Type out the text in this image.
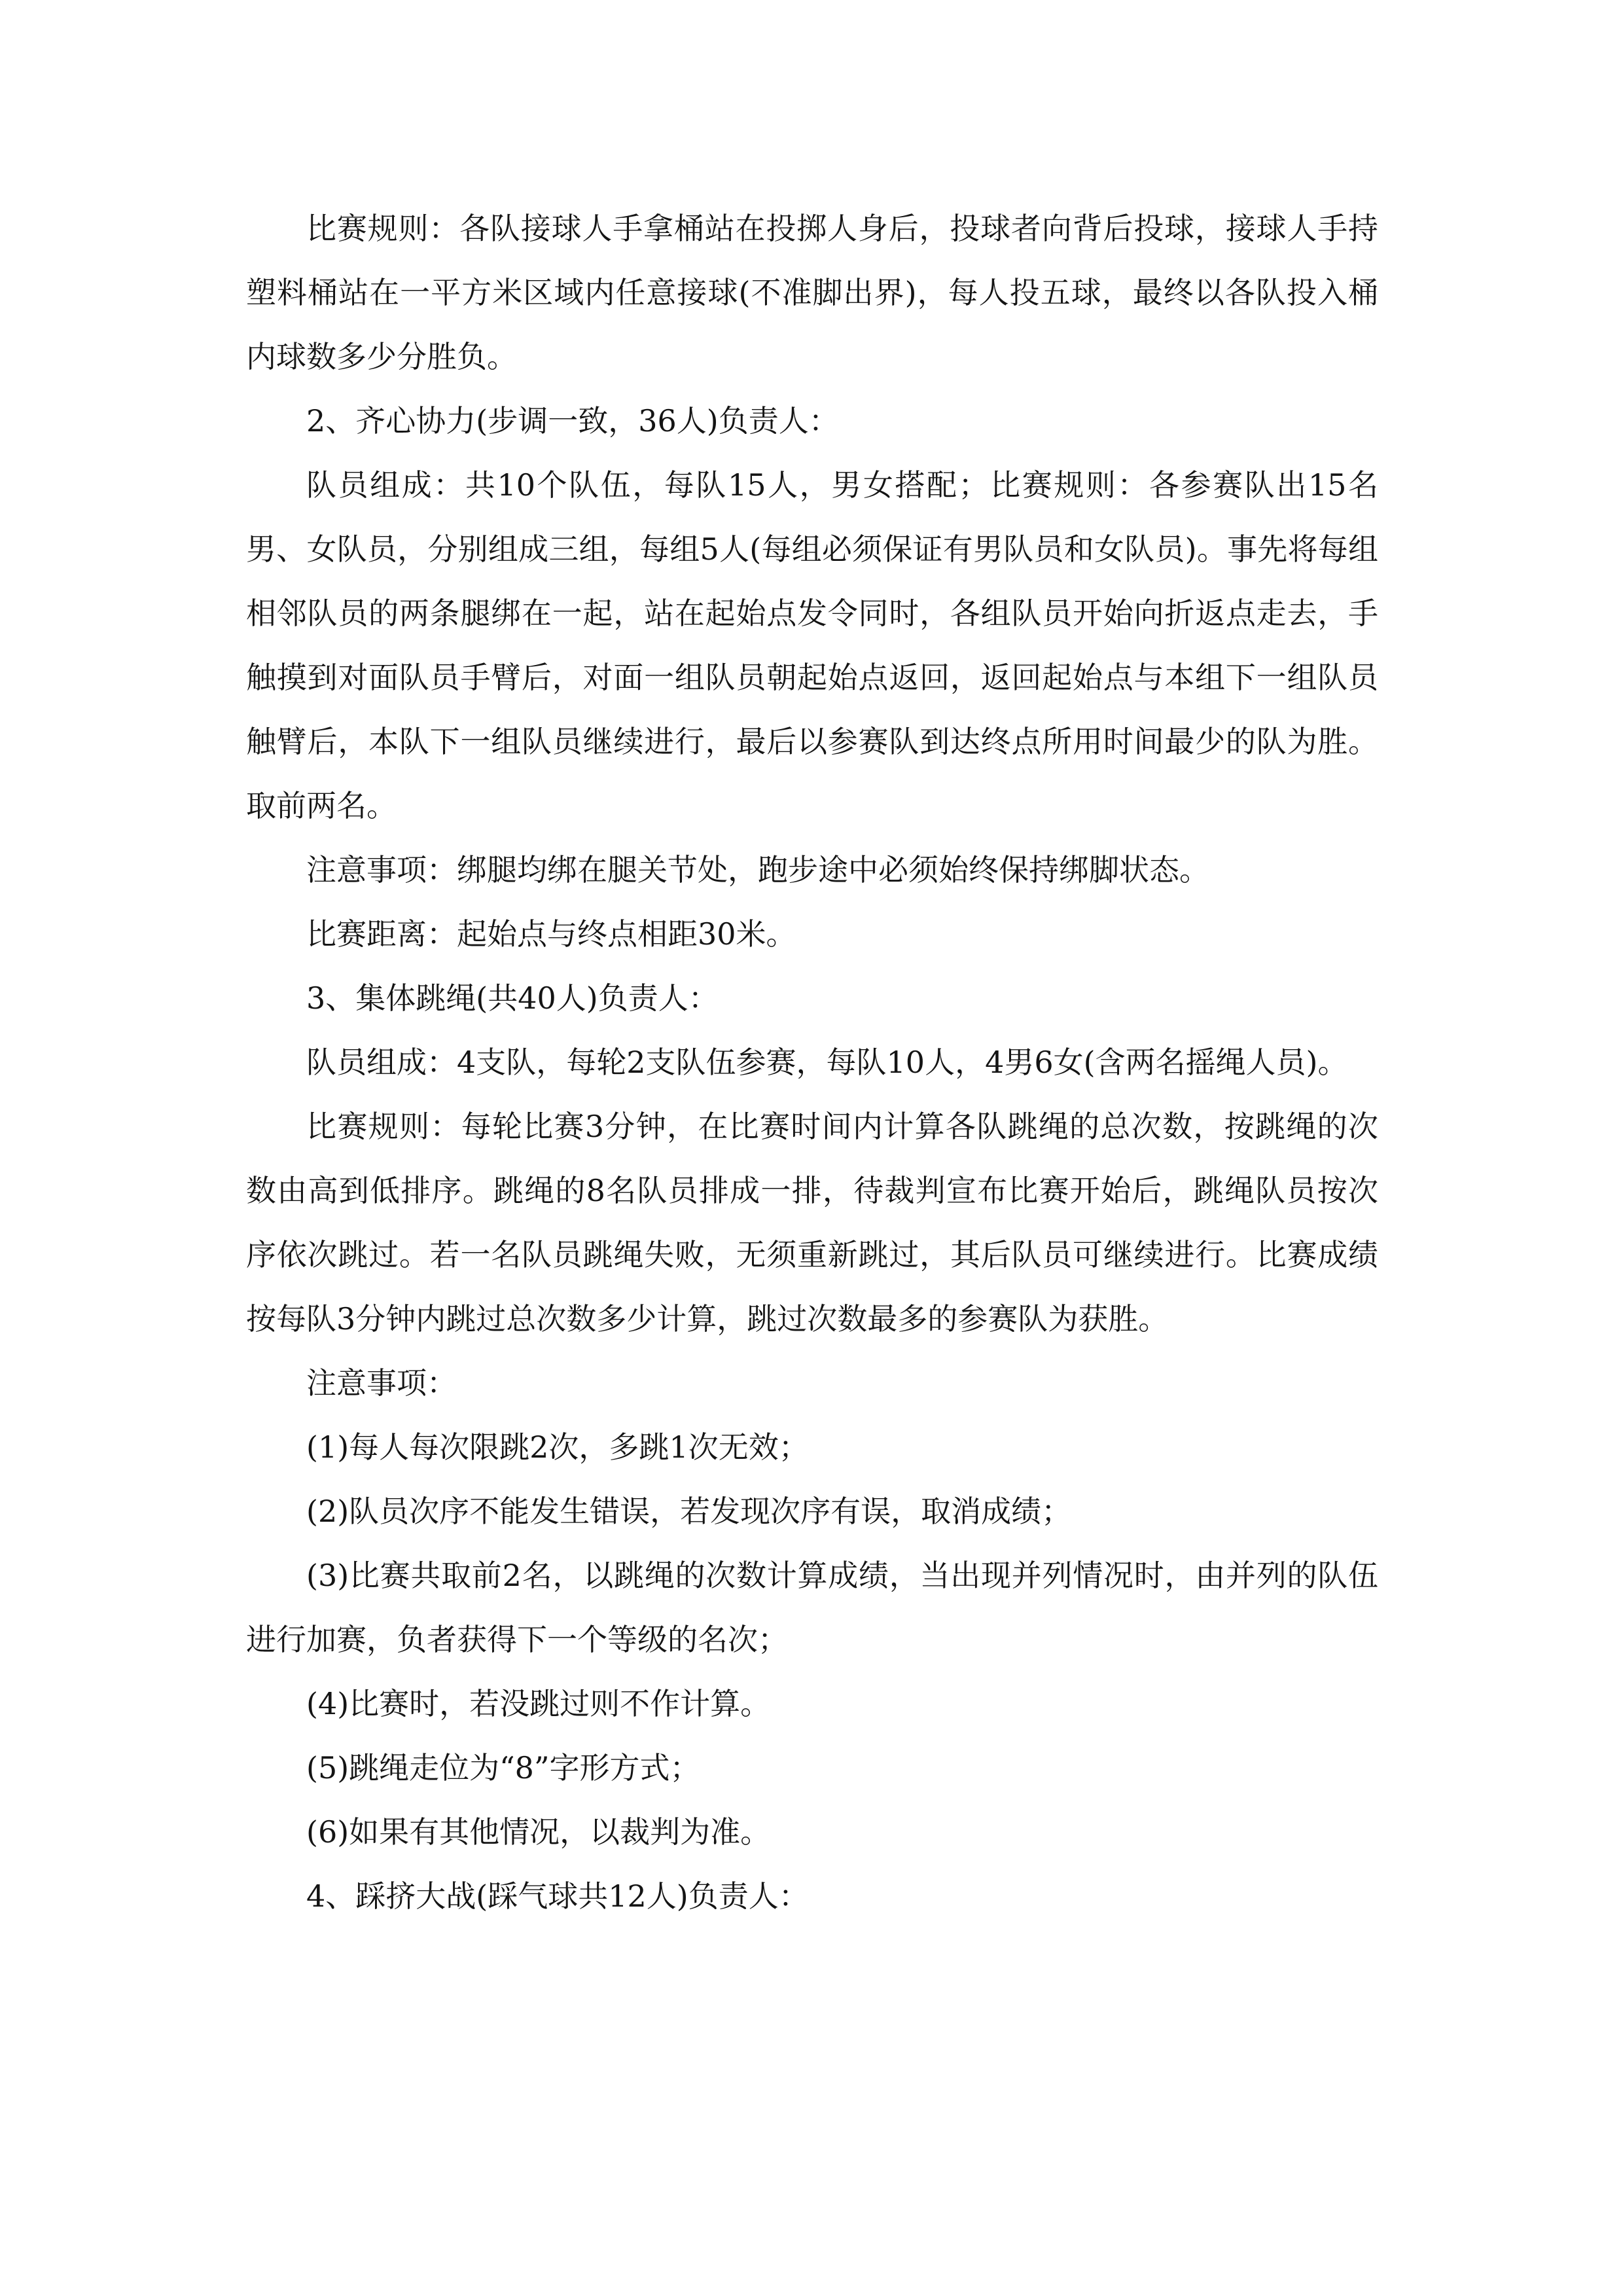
比赛规则：各队接球人手拿桶站在投掷人身后，投球者向背后投球，接球人手持塑料桶站在一平方米区域内任意接球(不准脚出界)，每人投五球，最终以各队投入桶内球数多少分胜负。

2、齐心协力(步调一致，36人)负责人：

队员组成：共10个队伍，每队15人，男女搭配；比赛规则：各参赛队出15名男、女队员，分别组成三组，每组5人(每组必须保证有男队员和女队员)。事先将每组相邻队员的两条腿绑在一起，站在起始点发令同时，各组队员开始向折返点走去，手触摸到对面队员手臂后，对面一组队员朝起始点返回，返回起始点与本组下一组队员触臂后，本队下一组队员继续进行，最后以参赛队到达终点所用时间最少的队为胜。取前两名。

注意事项：绑腿均绑在腿关节处，跑步途中必须始终保持绑脚状态。

比赛距离：起始点与终点相距30米。

3、集体跳绳(共40人)负责人：

队员组成：4支队，每轮2支队伍参赛，每队10人，4男6女(含两名摇绳人员)。

比赛规则：每轮比赛3分钟，在比赛时间内计算各队跳绳的总次数，按跳绳的次数由高到低排序。跳绳的8名队员排成一排，待裁判宣布比赛开始后，跳绳队员按次序依次跳过。若一名队员跳绳失败，无须重新跳过，其后队员可继续进行。比赛成绩按每队3分钟内跳过总次数多少计算，跳过次数最多的参赛队为获胜。

注意事项：

(1)每人每次限跳2次，多跳1次无效；

(2)队员次序不能发生错误，若发现次序有误，取消成绩；

(3)比赛共取前2名，以跳绳的次数计算成绩，当出现并列情况时，由并列的队伍进行加赛，负者获得下一个等级的名次；

(4)比赛时，若没跳过则不作计算。

(5)跳绳走位为“8”字形方式；

(6)如果有其他情况，以裁判为准。

4、踩挤大战(踩气球共12人)负责人：
